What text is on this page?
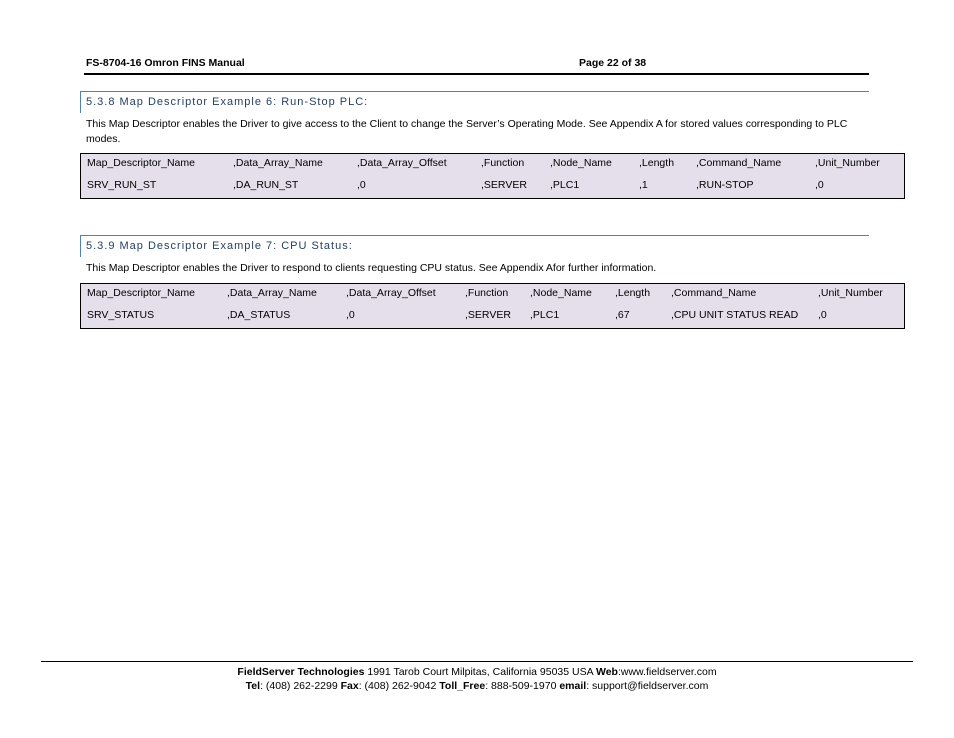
FS-8704-16 Omron FINS Manual	Page 22 of 38
5.3.8 Map Descriptor Example 6: Run-Stop PLC:
This Map Descriptor enables the Driver to give access to the Client to change the Server’s Operating Mode. See Appendix A for stored values corresponding to PLC modes.
Map_Descriptor_Name	,Data_Array_Name	,Data_Array_Offset	,Function ,Node_Name	,Length ,Command_Name	,Unit_Number
SRV_RUN_ST	,DA_RUN_ST	,0	,SERVER ,PLC1	,1	,RUN-STOP	,0
5.3.9 Map Descriptor Example 7: CPU Status:
This Map Descriptor enables the Driver to respond to clients requesting CPU status. See Appendix Afor further information.
Map_Descriptor_Name	,Data_Array_Name	,Data_Array_Offset	,Function ,Node_Name ,Length ,Command_Name	,Unit_Number
SRV_STATUS	,DA_STATUS	,0	,SERVER ,PLC1	,67	,CPU UNIT STATUS READ ,0
FieldServer Technologies 1991 Tarob Court Milpitas, California 95035 USA Web:www.fieldserver.com
Tel: (408) 262-2299 Fax: (408) 262-9042 Toll_Free: 888-509-1970 email: support@fieldserver.com
